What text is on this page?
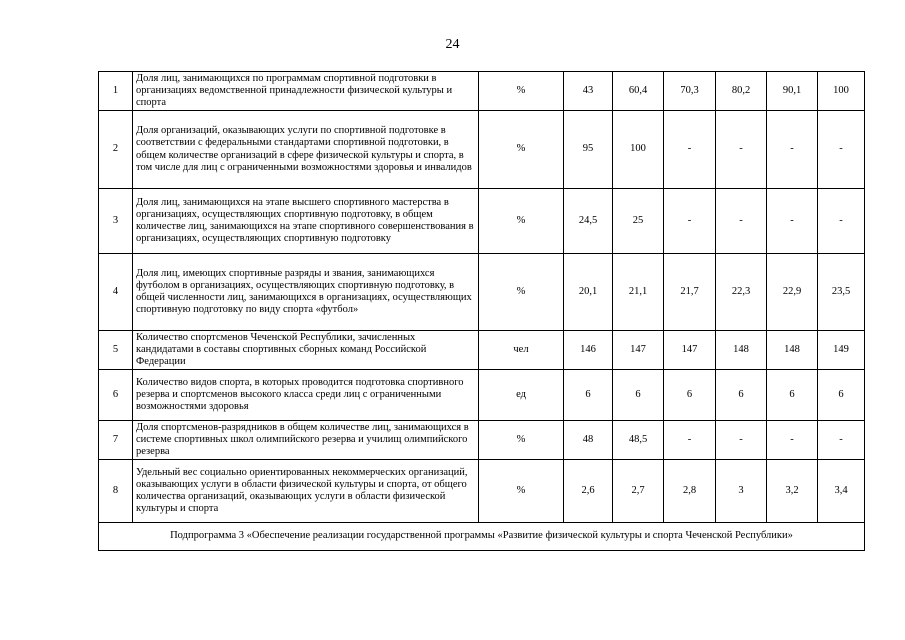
24
1	Доля лиц, занимающихся по программам спортивной подготовки в организациях ведомственной принадлежности физической культуры и спорта	%	43	60,4	70,3	80,2	90,1	100
2	Доля организаций, оказывающих услуги по спортивной подготовке в соответствии с федеральными стандартами спортивной подготовки, в общем количестве организаций в сфере физической культуры и спорта, в том числе для лиц с ограниченными возможностями здоровья и инвалидов	%	95	100	-	-	-	-
3	Доля лиц, занимающихся на этапе высшего спортивного мастерства в организациях, осуществляющих спортивную подготовку, в общем количестве лиц, занимающихся на этапе спортивного совершенствования в организациях, осуществляющих спортивную подготовку	%	24,5	25	-	-	-	-
4	Доля лиц, имеющих спортивные разряды и звания, занимающихся футболом в организациях, осуществляющих спортивную подготовку, в общей численности лиц, занимающихся в организациях, осуществляющих спортивную подготовку по виду спорта «футбол»	%	20,1	21,1	21,7	22,3	22,9	23,5
5	Количество спортсменов Чеченской Республики, зачисленных кандидатами в составы спортивных сборных команд Российской Федерации	чел	146	147	147	148	148	149
6	Количество видов спорта, в которых проводится подготовка спортивного резерва и спортсменов высокого класса среди лиц с ограниченными возможностями здоровья	ед	6	6	6	6	6	6
7	Доля спортсменов-разрядников в общем количестве лиц, занимающихся в системе спортивных школ олимпийского резерва и училищ олимпийского резерва	%	48	48,5	-	-	-	-
8	Удельный вес социально ориентированных некоммерческих организаций, оказывающих услуги в области физической культуры и спорта, от общего количества организаций, оказывающих услуги в области физической культуры и спорта	%	2,6	2,7	2,8	3	3,2	3,4
Подпрограмма 3 «Обеспечение реализации государственной программы «Развитие физической культуры и спорта Чеченской Республики»								
